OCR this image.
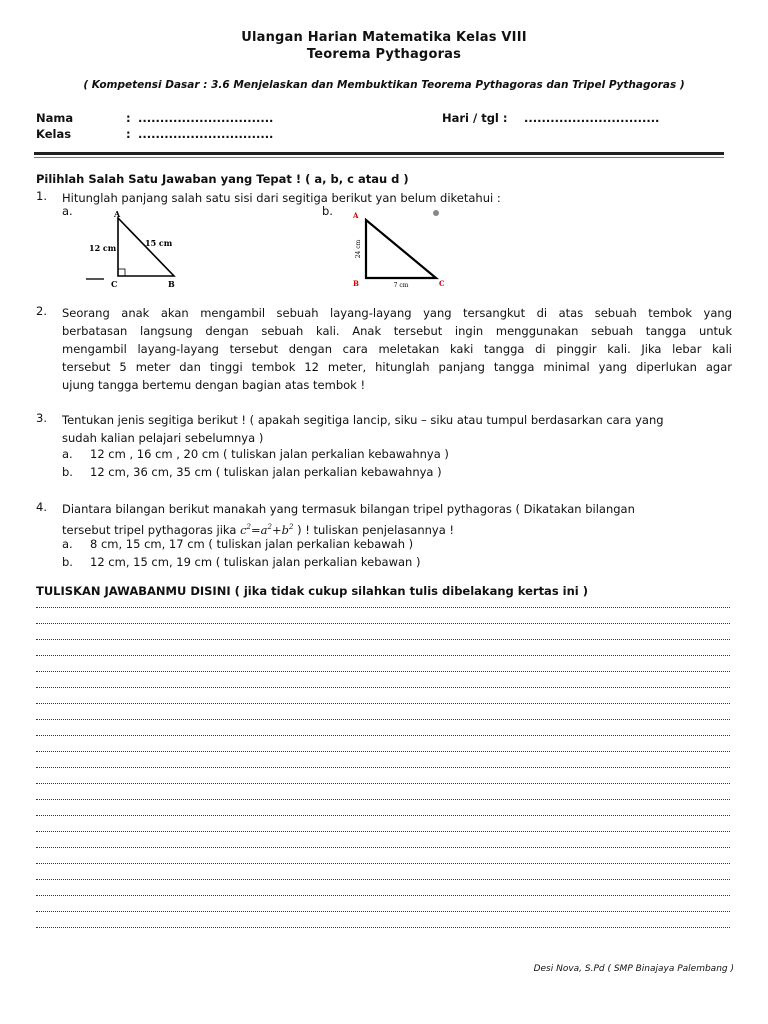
Ulangan Harian Matematika Kelas VIII
Teorema Pythagoras
( Kompetensi Dasar : 3.6 Menjelaskan dan Membuktikan Teorema Pythagoras dan Tripel Pythagoras )
Nama	: ...............................	Hari / tgl : ...............................
Kelas	: ...............................
Pilihlah Salah Satu Jawaban yang Tepat ! ( a, b, c atau d )
1. Hitunglah panjang salah satu sisi dari segitiga berikut yan belum diketahui :
a.	b.
A
C	B
12 cm	15 cm
A
B	C
24 cm
7 cm
2. Seorang anak akan mengambil sebuah layang-layang yang tersangkut di atas sebuah tembok yang
berbatasan langsung dengan sebuah kali. Anak tersebut ingin menggunakan sebuah tangga untuk
mengambil layang-layang tersebut dengan cara meletakan kaki tangga di pinggir kali. Jika lebar kali
tersebut 5 meter dan tinggi tembok 12 meter, hitunglah panjang tangga minimal yang diperlukan agar
ujung tangga bertemu dengan bagian atas tembok !
3. Tentukan jenis segitiga berikut ! ( apakah segitiga lancip, siku – siku atau tumpul berdasarkan cara yang
sudah kalian pelajari sebelumnya )
a. 12 cm , 16 cm , 20 cm ( tuliskan jalan perkalian kebawahnya )
b. 12 cm, 36 cm, 35 cm ( tuliskan jalan perkalian kebawahnya )
4. Diantara bilangan berikut manakah yang termasuk bilangan tripel pythagoras ( Dikatakan bilangan
tersebut tripel pythagoras jika $c^2=a^2+b^2$ ) ! tuliskan penjelasannya !
a. 8 cm, 15 cm, 17 cm ( tuliskan jalan perkalian kebawah )
b. 12 cm, 15 cm, 19 cm ( tuliskan jalan perkalian kebawan )
TULISKAN JAWABANMU DISINI ( jika tidak cukup silahkan tulis dibelakang kertas ini )
Desi Nova, S.Pd ( SMP Binajaya Palembang )
